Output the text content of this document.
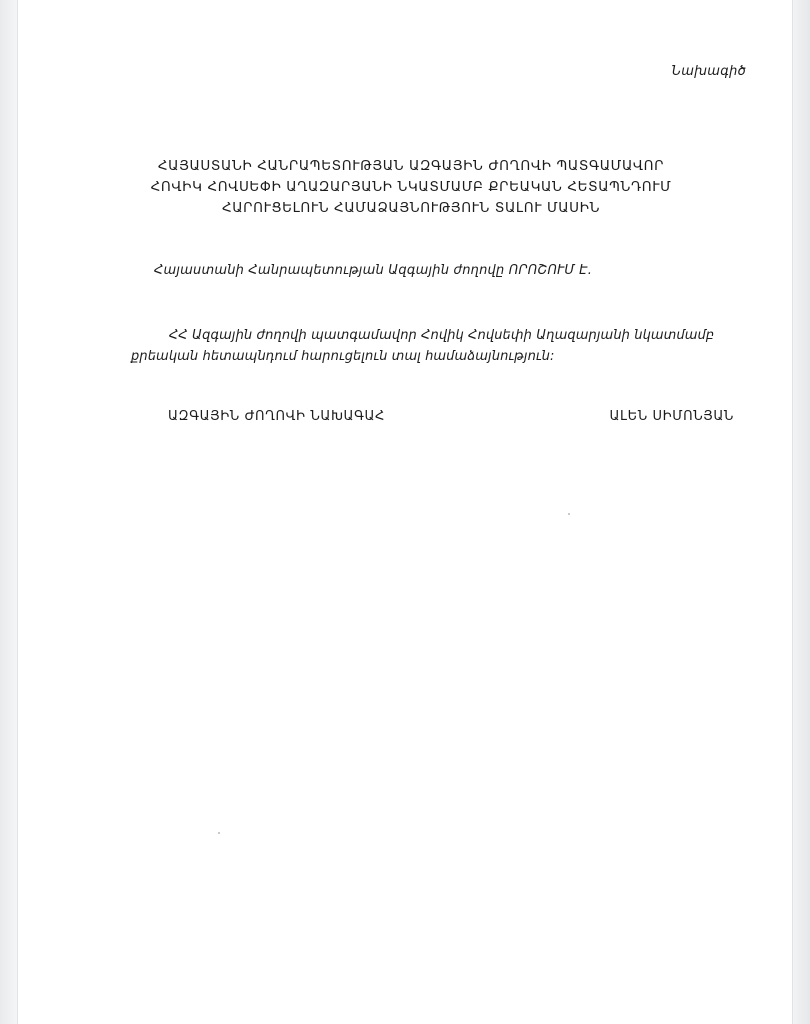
Նախագիծ
ՀԱՅԱՍՏԱՆԻ ՀԱՆՐԱՊԵՏՈՒԹՅԱՆ ԱԶԳԱՅԻՆ ԺՈՂՈՎԻ ՊԱՏԳԱՄԱՎՈՐ
ՀՈՎԻԿ ՀՈՎՍԵՓԻ ԱՂԱԶԱՐՅԱՆԻ ՆԿԱՏՄԱՄԲ ՔՐԵԱԿԱՆ ՀԵՏԱՊՆԴՈՒՄ
ՀԱՐՈՒՑԵԼՈՒՆ ՀԱՄԱՁԱՅՆՈՒԹՅՈՒՆ ՏԱԼՈՒ ՄԱՍԻՆ
Հայաստանի Հանրապետության Ազգային ժողովը ՈՐՈՇՈՒՄ Է.
ՀՀ Ազգային ժողովի պատգամավոր Հովիկ Հովսեփի Աղազարյանի նկատմամբ
քրեական հետապնդում հարուցելուն տալ համաձայնություն:
ԱԶԳԱՅԻՆ ԺՈՂՈՎԻ ՆԱԽԱԳԱՀ	ԱԼԵՆ ՍԻՄՈՆՅԱՆ
